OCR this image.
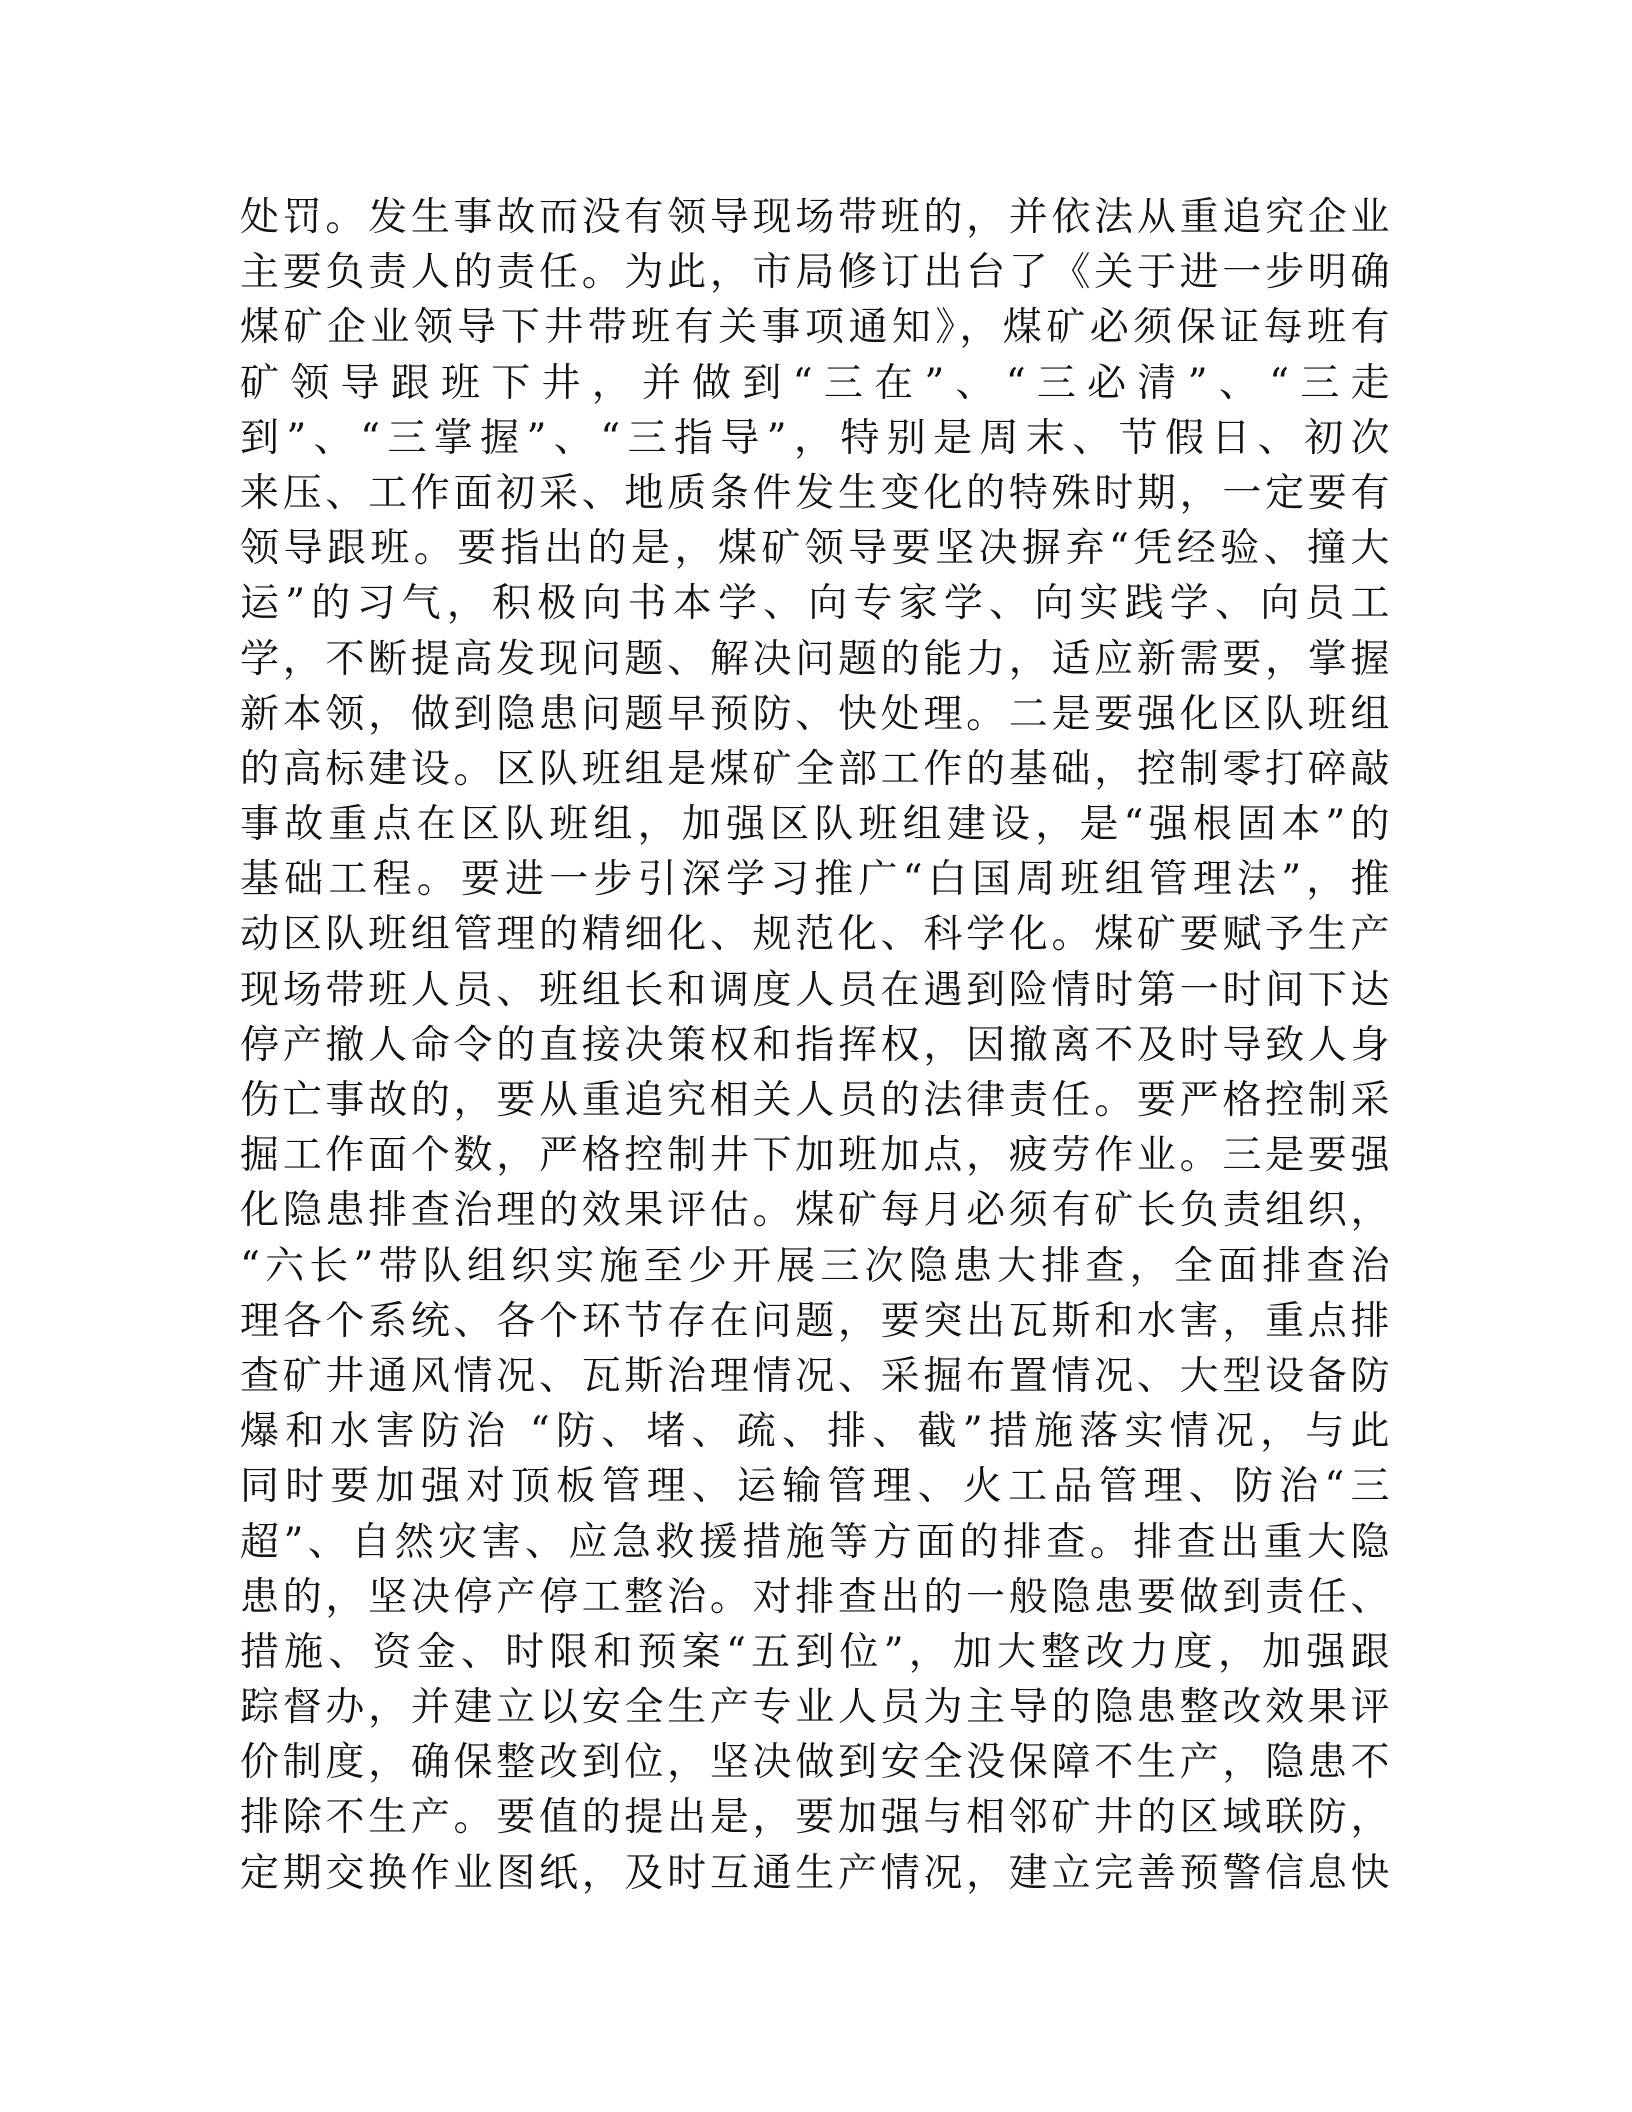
处罚。发生事故而没有领导现场带班的，并依法从重追究企业
主要负责人的责任。为此，市局修订出台了《关于进一步明确
煤矿企业领导下井带班有关事项通知》，煤矿必须保证每班有
矿领导跟班下井，并做到“三在”、“三必清”、“三走
到”、“三掌握”、“三指导”，特别是周末、节假日、初次
来压、工作面初采、地质条件发生变化的特殊时期，一定要有
领导跟班。要指出的是，煤矿领导要坚决摒弃“凭经验、撞大
运”的习气，积极向书本学、向专家学、向实践学、向员工
学，不断提高发现问题、解决问题的能力，适应新需要，掌握
新本领，做到隐患问题早预防、快处理。二是要强化区队班组
的高标建设。区队班组是煤矿全部工作的基础，控制零打碎敲
事故重点在区队班组，加强区队班组建设，是“强根固本”的
基础工程。要进一步引深学习推广“白国周班组管理法”，推
动区队班组管理的精细化、规范化、科学化。煤矿要赋予生产
现场带班人员、班组长和调度人员在遇到险情时第一时间下达
停产撤人命令的直接决策权和指挥权，因撤离不及时导致人身
伤亡事故的，要从重追究相关人员的法律责任。要严格控制采
掘工作面个数，严格控制井下加班加点，疲劳作业。三是要强
化隐患排查治理的效果评估。煤矿每月必须有矿长负责组织，
“六长”带队组织实施至少开展三次隐患大排查，全面排查治
理各个系统、各个环节存在问题，要突出瓦斯和水害，重点排
查矿井通风情况、瓦斯治理情况、采掘布置情况、大型设备防
爆和水害防治 “防、堵、疏、排、截”措施落实情况，与此
同时要加强对顶板管理、运输管理、火工品管理、防治“三
超”、自然灾害、应急救援措施等方面的排查。排查出重大隐
患的，坚决停产停工整治。对排查出的一般隐患要做到责任、
措施、资金、时限和预案“五到位”，加大整改力度，加强跟
踪督办，并建立以安全生产专业人员为主导的隐患整改效果评
价制度，确保整改到位，坚决做到安全没保障不生产，隐患不
排除不生产。要值的提出是，要加强与相邻矿井的区域联防，
定期交换作业图纸，及时互通生产情况，建立完善预警信息快
